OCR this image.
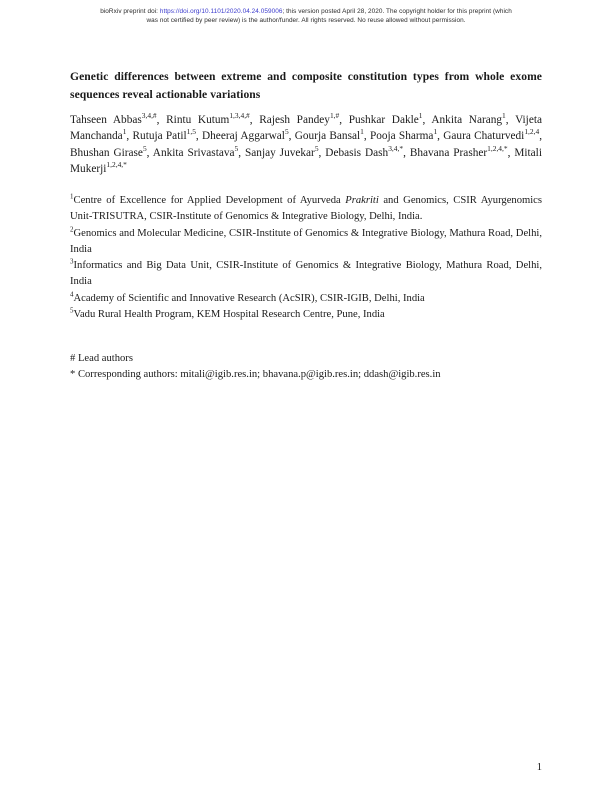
bioRxiv preprint doi: https://doi.org/10.1101/2020.04.24.059006; this version posted April 28, 2020. The copyright holder for this preprint (which
was not certified by peer review) is the author/funder. All rights reserved. No reuse allowed without permission.
Genetic differences between extreme and composite constitution types from whole exome sequences reveal actionable variations
Tahseen Abbas$^{3,4,\#}$, Rintu Kutum$^{1,3,4,\#}$, Rajesh Pandey$^{1,\#}$, Pushkar Dakle$^1$, Ankita Narang$^1$, Vijeta Manchanda$^1$, Rutuja Patil$^{1,5}$, Dheeraj Aggarwal$^5$, Gourja Bansal$^1$, Pooja Sharma$^1$, Gaura Chaturvedi$^{1,2,4}$, Bhushan Girase$^5$, Ankita Srivastava$^5$, Sanjay Juvekar$^5$, Debasis Dash$^{3,4,*}$, Bhavana Prasher$^{1,2,4,*}$, Mitali Mukerji$^{1,2,4,*}$

$^1$Centre of Excellence for Applied Development of Ayurveda Prakriti and Genomics, CSIR Ayurgenomics Unit-TRISUTRA, CSIR-Institute of Genomics & Integrative Biology, Delhi, India.

$^2$Genomics and Molecular Medicine, CSIR-Institute of Genomics & Integrative Biology, Mathura Road, Delhi, India

$^3$Informatics and Big Data Unit, CSIR-Institute of Genomics & Integrative Biology, Mathura Road, Delhi, India

$^4$Academy of Scientific and Innovative Research (AcSIR), CSIR-IGIB, Delhi, India

$^5$Vadu Rural Health Program, KEM Hospital Research Centre, Pune, India

# Lead authors

* Corresponding authors: mitali@igib.res.in; bhavana.p@igib.res.in; ddash@igib.res.in

1
